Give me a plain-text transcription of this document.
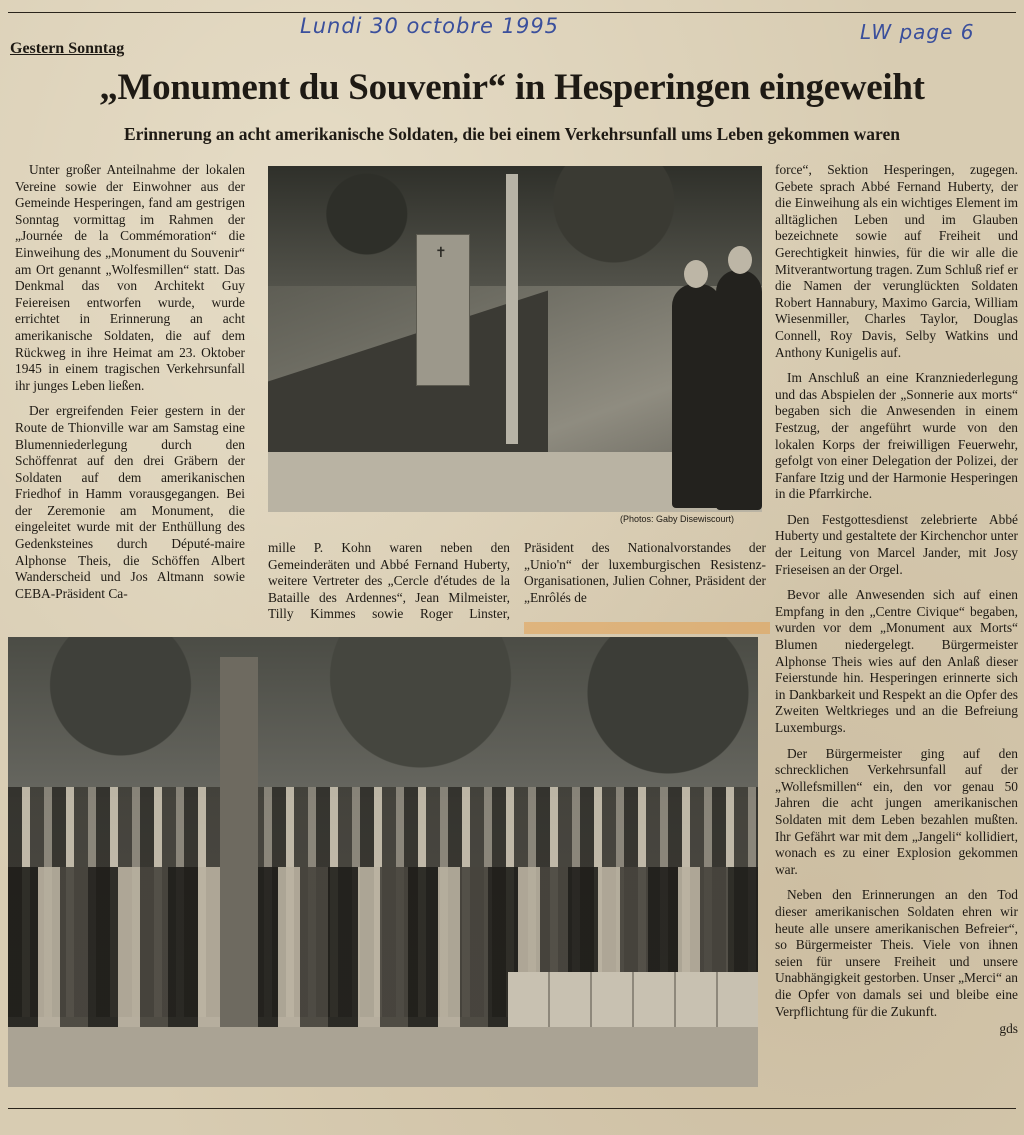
Lundi 30 octobre 1995	LW page 6
Gestern Sonntag
„Monument du Souvenir“ in Hesperingen eingeweiht
Erinnerung an acht amerikanische Soldaten, die bei einem Verkehrsunfall ums Leben gekommen waren

Unter großer Anteilnahme der lokalen Vereine sowie der Einwohner aus der Gemeinde Hesperingen, fand am gestrigen Sonntag vormittag im Rahmen der „Journée de la Commémoration“ die Einweihung des „Monument du Souvenir“ am Ort genannt „Wolfesmillen“ statt. Das Denkmal das von Architekt Guy Feiereisen entworfen wurde, wurde errichtet in Erinnerung an acht amerikanische Soldaten, die auf dem Rückweg in ihre Heimat am 23. Oktober 1945 in einem tragischen Verkehrsunfall ihr junges Leben ließen.

Der ergreifenden Feier gestern in der Route de Thionville war am Samstag eine Blumenniederlegung durch den Schöffenrat auf den drei Gräbern der Soldaten auf dem amerikanischen Friedhof in Hamm vorausgegangen. Bei der Zeremonie am Monument, die eingeleitet wurde mit der Enthüllung des Gedenksteines durch Député-maire Alphonse Theis, die Schöffen Albert Wanderscheid und Jos Altmann sowie CEBA-Präsident Ca-

✝
(Photos: Gaby Disewiscourt)

mille P. Kohn waren neben den Gemeinderäten und Abbé Fernand Huberty, weitere Vertreter des „Cercle d'études de la Bataille des Ardennes“, Jean Milmeister, Tilly Kimmes sowie Roger Linster, Präsident des Nationalvorstandes der „Unio'n“ der luxemburgischen Resistenz-Organisationen, Julien Cohner, Präsident der „Enrôlés de

force“, Sektion Hesperingen, zugegen. Gebete sprach Abbé Fernand Huberty, der die Einweihung als ein wichtiges Element im alltäglichen Leben und im Glauben bezeichnete sowie auf Freiheit und Gerechtigkeit hinwies, für die wir alle die Mitverantwortung tragen. Zum Schluß rief er die Namen der verunglückten Soldaten Robert Hannabury, Maximo Garcia, William Wiesenmiller, Charles Taylor, Douglas Connell, Roy Davis, Selby Watkins und Anthony Kunigelis auf.

Im Anschluß an eine Kranzniederlegung und das Abspielen der „Sonnerie aux morts“ begaben sich die Anwesenden in einem Festzug, der angeführt wurde von den lokalen Korps der freiwilligen Feuerwehr, gefolgt von einer Delegation der Polizei, der Fanfare Itzig und der Harmonie Hesperingen in die Pfarrkirche.

Den Festgottesdienst zelebrierte Abbé Huberty und gestaltete der Kirchenchor unter der Leitung von Marcel Jander, mit Josy Frieseisen an der Orgel.

Bevor alle Anwesenden sich auf einen Empfang in den „Centre Civique“ begaben, wurden vor dem „Monument aux Morts“ Blumen niedergelegt. Bürgermeister Alphonse Theis wies auf den Anlaß dieser Feierstunde hin. Hesperingen erinnerte sich in Dankbarkeit und Respekt an die Opfer des Zweiten Weltkrieges und an die Befreiung Luxemburgs.

Der Bürgermeister ging auf den schrecklichen Verkehrsunfall auf der „Wollefsmillen“ ein, den vor genau 50 Jahren die acht jungen amerikanischen Soldaten mit dem Leben bezahlen mußten. Ihr Gefährt war mit dem „Jangeli“ kollidiert, wonach es zu einer Explosion gekommen war.

Neben den Erinnerungen an den Tod dieser amerikanischen Soldaten ehren wir heute alle unsere amerikanischen Befreier“, so Bürgermeister Theis. Viele von ihnen seien für unsere Freiheit und unsere Unabhängigkeit gestorben. Unser „Merci“ an die Opfer von damals sei und bleibe eine Verpflichtung für die Zukunft.

gds
